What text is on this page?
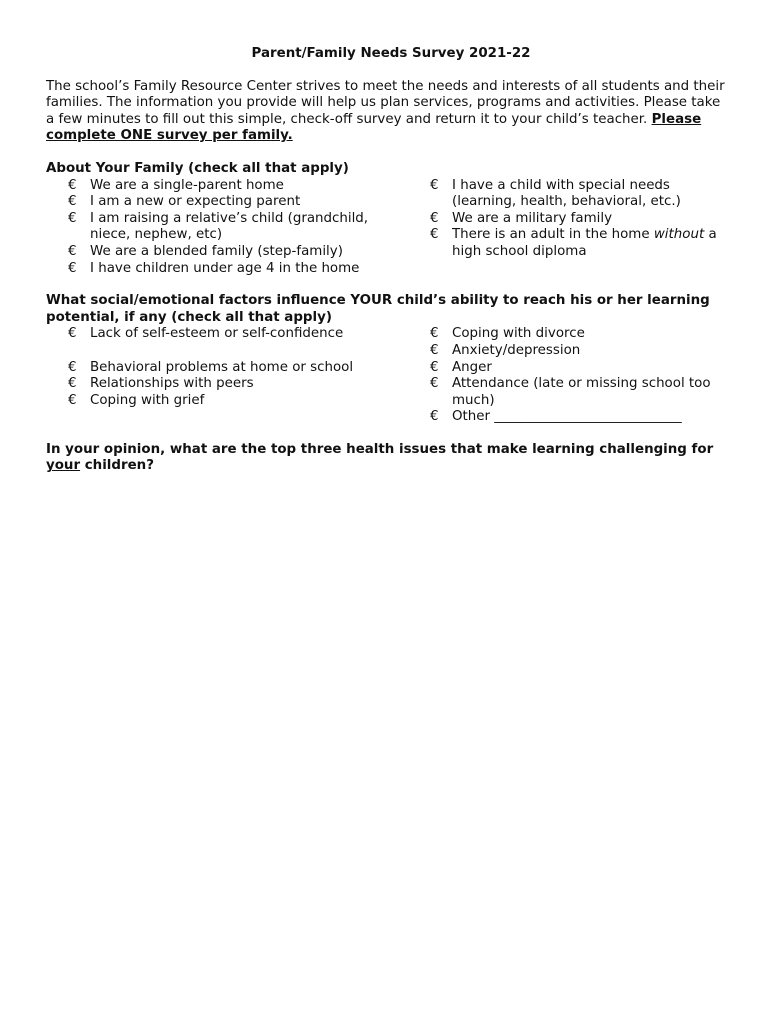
Parent/Family Needs Survey 2021-22

The school’s Family Resource Center strives to meet the needs and interests of all students and their families. The information you provide will help us plan services, programs and activities. Please take a few minutes to fill out this simple, check-off survey and return it to your child’s teacher. Please complete ONE survey per family.

About Your Family (check all that apply)

€	We are a single-parent home
€	I am a new or expecting parent
€	I am raising a relative’s child (grandchild, niece, nephew, etc)
€	We are a blended family (step-family)
€	I have children under age 4 in the home
€	I have a child with special needs (learning, health, behavioral, etc.)
€	We are a military family
€	There is an adult in the home without a high school diploma

What social/emotional factors influence YOUR child’s ability to reach his or her learning potential, if any (check all that apply)

€	Lack of self-esteem or self-confidence
€	Behavioral problems at home or school
€	Relationships with peers
€	Coping with grief
€	Coping with divorce
€	Anxiety/depression
€	Anger
€	Attendance (late or missing school too much)
€	Other ____________________________

In your opinion, what are the top three health issues that make learning challenging for your children?
